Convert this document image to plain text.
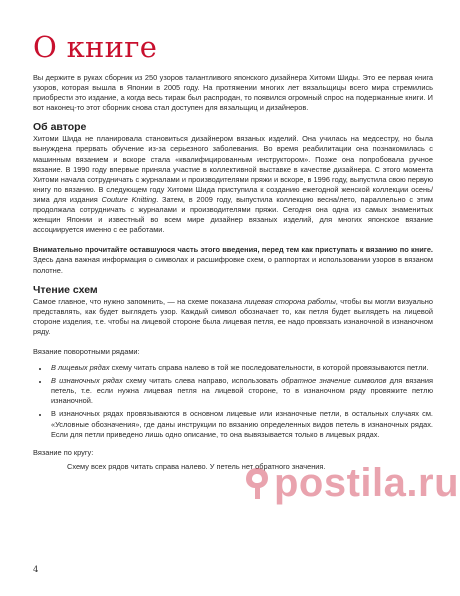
О книге

Вы держите в руках сборник из 250 узоров талантливого японского дизайнера Хитоми Шиды. Это ее первая книга узоров, которая вышла в Японии в 2005 году. На протяжении многих лет вязальщицы всего мира стремились приобрести это издание, а когда весь тираж был распродан, то появился огромный спрос на подержанные книги. И вот наконец-то этот сборник снова стал доступен для вязальщиц и дизайнеров.

Об авторе

Хитоми Шида не планировала становиться дизайнером вязаных изделий. Она училась на медсестру, но была вынуждена прервать обучение из-за серьезного заболевания. Во время реабилитации она познакомилась с машинным вязанием и вскоре стала «квалифицированным инструктором». Позже она попробовала ручное вязание. В 1990 году впервые приняла участие в коллективной выставке в качестве дизайнера. С этого момента Хитоми начала сотрудничать с журналами и производителями пряжи и вскоре, в 1996 году, выпустила свою первую книгу по вязанию. В следующем году Хитоми Шида приступила к созданию ежегодной женской коллекции осень/зима для издания Couture Knitting. Затем, в 2009 году, выпустила коллекцию весна/лето, параллельно с этим продолжала сотрудничать с журналами и производителями пряжи. Сегодня она одна из самых знаменитых женщин Японии и известный во всем мире дизайнер вязаных изделий, для многих японское вязание ассоциируется именно с ее работами.

Внимательно прочитайте оставшуюся часть этого введения, перед тем как приступать к вязанию по книге. Здесь дана важная информация о символах и расшифровке схем, о раппортах и использовании узоров в вязаном полотне.

Чтение схем

Самое главное, что нужно запомнить, — на схеме показана лицевая сторона работы, чтобы вы могли визуально представлять, как будет выглядеть узор. Каждый символ обозначает то, как петля будет выглядеть на лицевой стороне изделия, т.е. чтобы на лицевой стороне была лицевая петля, ее надо провязать изнаночной в изнаночном ряду.

Вязание поворотными рядами:

• В лицевых рядах схему читать справа налево в той же последовательности, в которой провязываются петли.
• В изнаночных рядах схему читать слева направо, использовать обратное значение символов для вязания петель, т.е. если нужна лицевая петля на лицевой стороне, то в изнаночном ряду провяжите петлю изнаночной.
• В изнаночных рядах провязываются в основном лицевые или изнаночные петли, в остальных случаях см. «Условные обозначения», где даны инструкции по вязанию определенных видов петель в изнаночных рядах. Если для петли приведено лишь одно описание, то она вывязывается только в лицевых рядах.

Вязание по кругу:

Схему всех рядов читать справа налево. У петель нет обратного значения.

postila.ru
4
